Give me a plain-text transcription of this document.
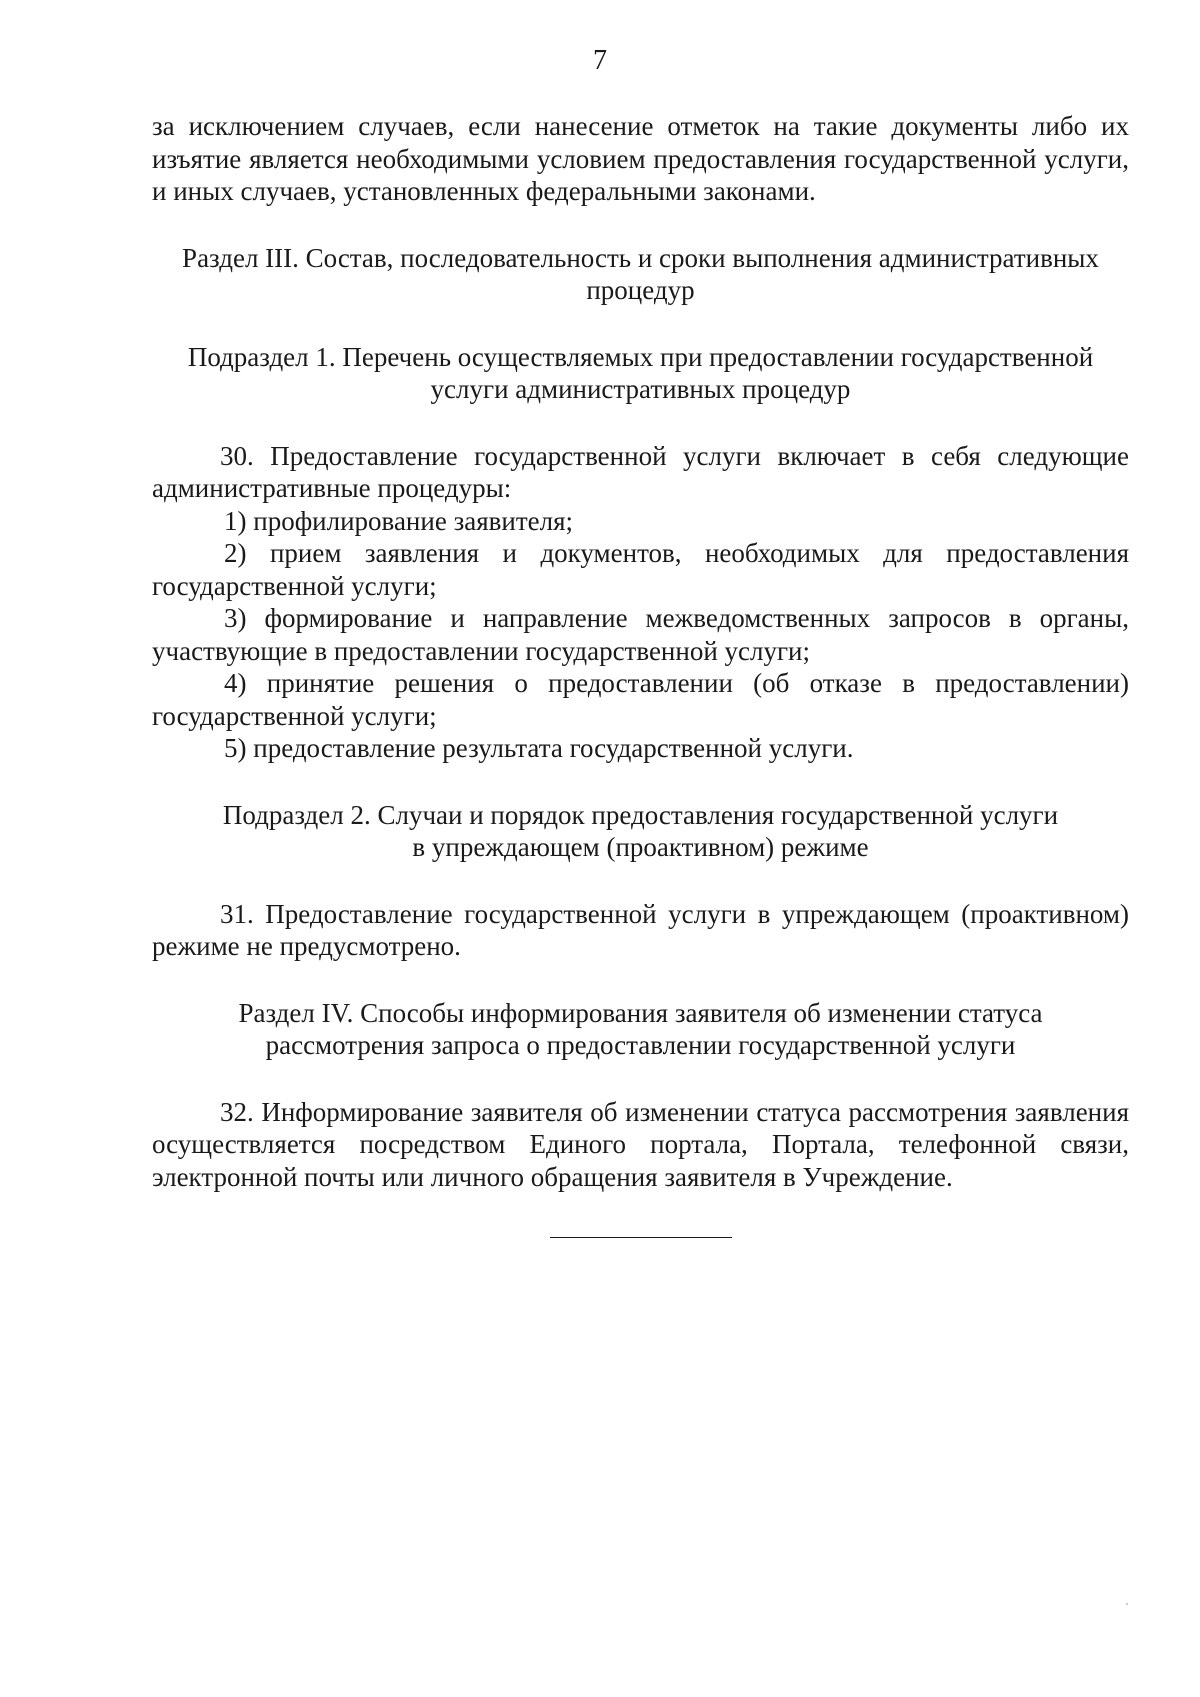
7

за исключением случаев, если нанесение отметок на такие документы либо их изъятие является необходимыми условием предоставления государственной услуги, и иных случаев, установленных федеральными законами.

Раздел III. Состав, последовательность и сроки выполнения административных

процедур

Подраздел 1. Перечень осуществляемых при предоставлении государственной

услуги административных процедур

30. Предоставление государственной услуги включает в себя следующие административные процедуры:

1) профилирование заявителя;

2) прием заявления и документов, необходимых для предоставления государственной услуги;

3) формирование и направление межведомственных запросов в органы, участвующие в предоставлении государственной услуги;

4) принятие решения о предоставлении (об отказе в предоставлении) государственной услуги;

5) предоставление результата государственной услуги.

Подраздел 2. Случаи и порядок предоставления государственной услуги

в упреждающем (проактивном) режиме

31. Предоставление государственной услуги в упреждающем (проактивном) режиме не предусмотрено.

Раздел IV. Способы информирования заявителя об изменении статуса

рассмотрения запроса о предоставлении государственной услуги

32. Информирование заявителя об изменении статуса рассмотрения заявления осуществляется посредством Единого портала, Портала, телефонной связи, электронной почты или личного обращения заявителя в Учреждение.
